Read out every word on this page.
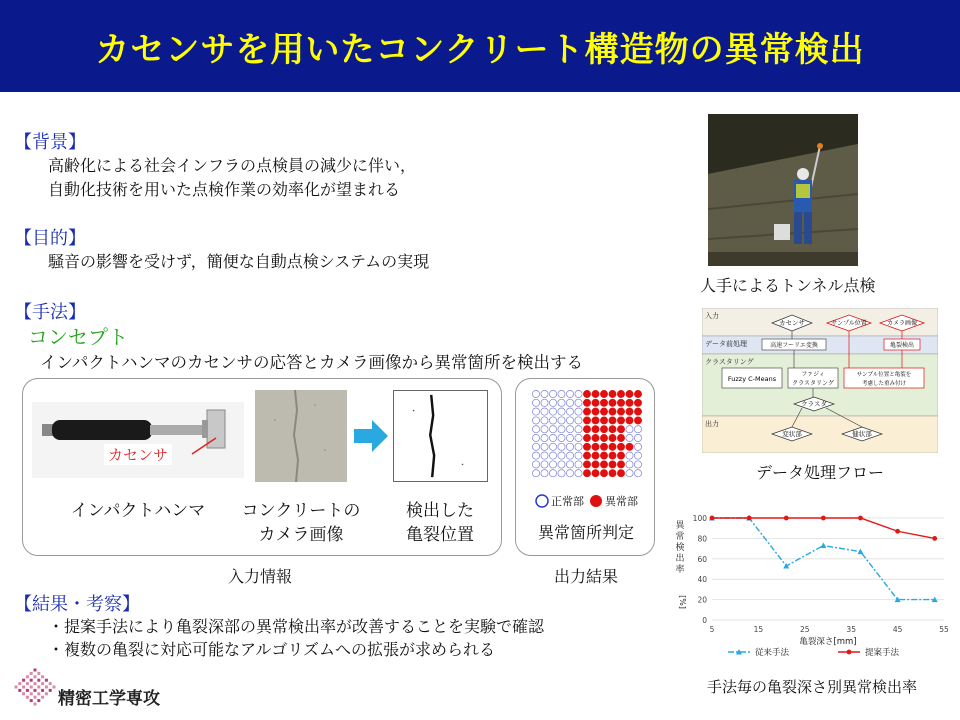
カセンサを用いたコンクリート構造物の異常検出
【背景】
高齢化による社会インフラの点検員の減少に伴い，
自動化技術を用いた点検作業の効率化が望まれる
【目的】
騒音の影響を受けず，簡便な自動点検システムの実現
【手法】
コンセプト
インパクトハンマのカセンサの応答とカメラ画像から異常箇所を検出する
カセンサ
インパクトハンマ	コンクリートの
カメラ画像
検出した
亀裂位置
入力情報
正常部 異常部
異常箇所判定
出力結果
【結果・考察】
・提案手法により亀裂深部の異常検出率が改善することを実験で確認
・複数の亀裂に対応可能なアルゴリズムへの拡張が求められる
人手によるトンネル点検
入力
データ前処理
クラスタリング
出力
カセンサ	サンプル位置	カメラ画像
高速フーリエ変換	亀裂検出
Fuzzy C-Means
ファジィ
クラスタリング
サンプル位置と亀裂を
考慮した重み付け
クラスタ
変状部	健状部
データ処理フロー
0
20
40
60
80
100
5	15	25	35	45	55
亀裂深さ[mm]
異
常
検
出
率
[%]
従来手法	提案手法
手法毎の亀裂深さ別異常検出率
精密工学専攻
